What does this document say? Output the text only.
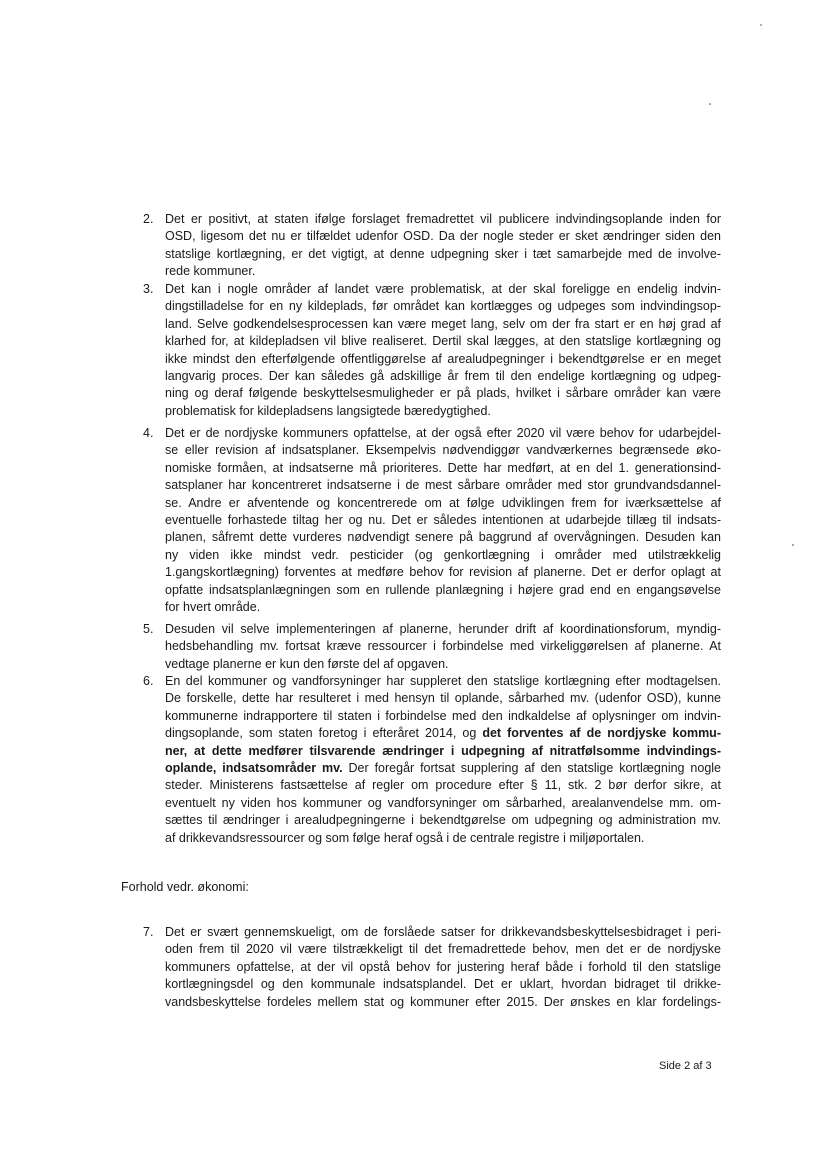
2. Det er positivt, at staten ifølge forslaget fremadrettet vil publicere indvindingsoplande inden for
OSD, ligesom det nu er tilfældet udenfor OSD. Da der nogle steder er sket ændringer siden den
statslige kortlægning, er det vigtigt, at denne udpegning sker i tæt samarbejde med de involve-
rede kommuner.
3. Det kan i nogle områder af landet være problematisk, at der skal foreligge en endelig indvin-
dingstilladelse for en ny kildeplads, før området kan kortlægges og udpeges som indvindingsop-
land. Selve godkendelsesprocessen kan være meget lang, selv om der fra start er en høj grad af
klarhed for, at kildepladsen vil blive realiseret. Dertil skal lægges, at den statslige kortlægning og
ikke mindst den efterfølgende offentliggørelse af arealudpegninger i bekendtgørelse er en meget
langvarig proces. Der kan således gå adskillige år frem til den endelige kortlægning og udpeg-
ning og deraf følgende beskyttelsesmuligheder er på plads, hvilket i sårbare områder kan være
problematisk for kildepladsens langsigtede bæredygtighed.
4. Det er de nordjyske kommuners opfattelse, at der også efter 2020 vil være behov for udarbejdel-
se eller revision af indsatsplaner. Eksempelvis nødvendiggør vandværkernes begrænsede øko-
nomiske formåen, at indsatserne må prioriteres. Dette har medført, at en del 1. generationsind-
satsplaner har koncentreret indsatserne i de mest sårbare områder med stor grundvandsdannel-
se. Andre er afventende og koncentrerede om at følge udviklingen frem for iværksættelse af
eventuelle forhastede tiltag her og nu. Det er således intentionen at udarbejde tillæg til indsats-
planen, såfremt dette vurderes nødvendigt senere på baggrund af overvågningen. Desuden kan
ny viden ikke mindst vedr. pesticider (og genkortlægning i områder med utilstrækkelig
1.gangskortlægning) forventes at medføre behov for revision af planerne. Det er derfor oplagt at
opfatte indsatsplanlægningen som en rullende planlægning i højere grad end en engangsøvelse
for hvert område.
5. Desuden vil selve implementeringen af planerne, herunder drift af koordinationsforum, myndig-
hedsbehandling mv. fortsat kræve ressourcer i forbindelse med virkeliggørelsen af planerne. At
vedtage planerne er kun den første del af opgaven.
6. En del kommuner og vandforsyninger har suppleret den statslige kortlægning efter modtagelsen.
De forskelle, dette har resulteret i med hensyn til oplande, sårbarhed mv. (udenfor OSD), kunne
kommunerne indrapportere til staten i forbindelse med den indkaldelse af oplysninger om indvin-
dingsoplande, som staten foretog i efteråret 2014, og det forventes af de nordjyske kommu-
ner, at dette medfører tilsvarende ændringer i udpegning af nitratfølsomme indvindings-
oplande, indsatsområder mv. Der foregår fortsat supplering af den statslige kortlægning nogle
steder. Ministerens fastsættelse af regler om procedure efter § 11, stk. 2 bør derfor sikre, at
eventuelt ny viden hos kommuner og vandforsyninger om sårbarhed, arealanvendelse mm. om-
sættes til ændringer i arealudpegningerne i bekendtgørelse om udpegning og administration mv.
af drikkevandsressourcer og som følge heraf også i de centrale registre i miljøportalen.
Forhold vedr. økonomi:
7. Det er svært gennemskueligt, om de forslåede satser for drikkevandsbeskyttelsesbidraget i peri-
oden frem til 2020 vil være tilstrækkeligt til det fremadrettede behov, men det er de nordjyske
kommuners opfattelse, at der vil opstå behov for justering heraf både i forhold til den statslige
kortlægningsdel og den kommunale indsatsplandel. Det er uklart, hvordan bidraget til drikke-
vandsbeskyttelse fordeles mellem stat og kommuner efter 2015. Der ønskes en klar fordelings-
Side 2 af 3
